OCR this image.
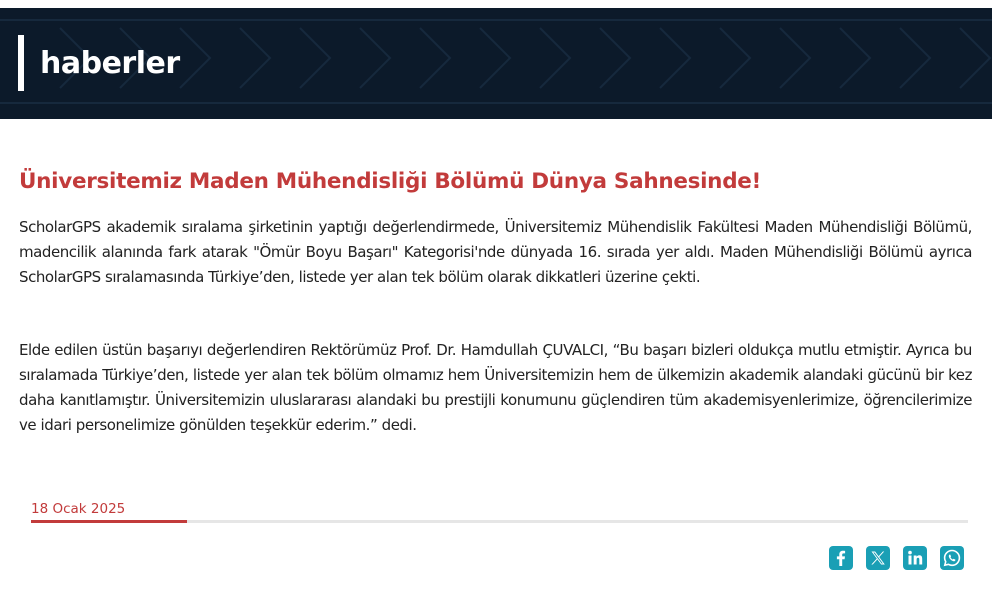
haberler
Üniversitemiz Maden Mühendisliği Bölümü Dünya Sahnesinde!

ScholarGPS akademik sıralama şirketinin yaptığı değerlendirmede, Üniversitemiz Mühendislik Fakültesi Maden Mühendisliği Bölümü, madencilik alanında fark atarak "Ömür Boyu Başarı" Kategorisi'nde dünyada 16. sırada yer aldı. Maden Mühendisliği Bölümü ayrıca ScholarGPS sıralamasında Türkiye’den, listede yer alan tek bölüm olarak dikkatleri üzerine çekti.

Elde edilen üstün başarıyı değerlendiren Rektörümüz Prof. Dr. Hamdullah ÇUVALCI, “Bu başarı bizleri oldukça mutlu etmiştir. Ayrıca bu sıralamada Türkiye’den, listede yer alan tek bölüm olmamız hem Üniversitemizin hem de ülkemizin akademik alandaki gücünü bir kez daha kanıtlamıştır. Üniversitemizin uluslararası alandaki bu prestijli konumunu güçlendiren tüm akademisyenlerimize, öğrencilerimize ve idari personelimize gönülden teşekkür ederim.” dedi.

18 Ocak 2025
